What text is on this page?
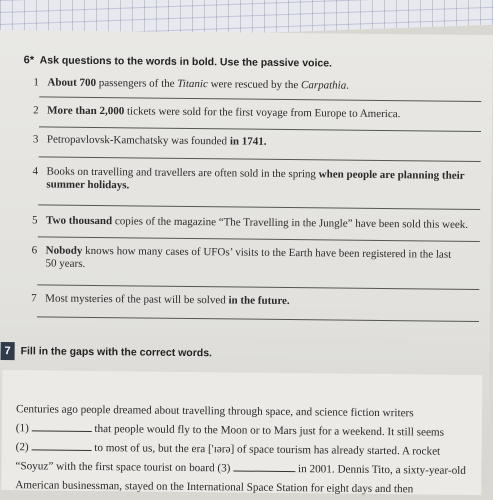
6* Ask questions to the words in bold. Use the passive voice.
1 About 700 passengers of the Titanic were rescued by the Carpathia.
2 More than 2,000 tickets were sold for the first voyage from Europe to America.
3 Petropavlovsk-Kamchatsky was founded in 1741.
4 Books on travelling and travellers are often sold in the spring when people are planning their
summer holidays.
5 Two thousand copies of the magazine “The Travelling in the Jungle” have been sold this week.
6 Nobody knows how many cases of UFOs’ visits to the Earth have been registered in the last
50 years.
7 Most mysteries of the past will be solved in the future.
7 Fill in the gaps with the correct words.
Centuries ago people dreamed about travelling through space, and science fiction writers
(1)	that people would fly to the Moon or to Mars just for a weekend. It still seems
(2)	to most of us, but the era ['ɪərə] of space tourism has already started. A rocket
“Soyuz” with the first space tourist on board (3)	in 2001. Dennis Tito, a sixty-year-old
American businessman, stayed on the International Space Station for eight days and then
